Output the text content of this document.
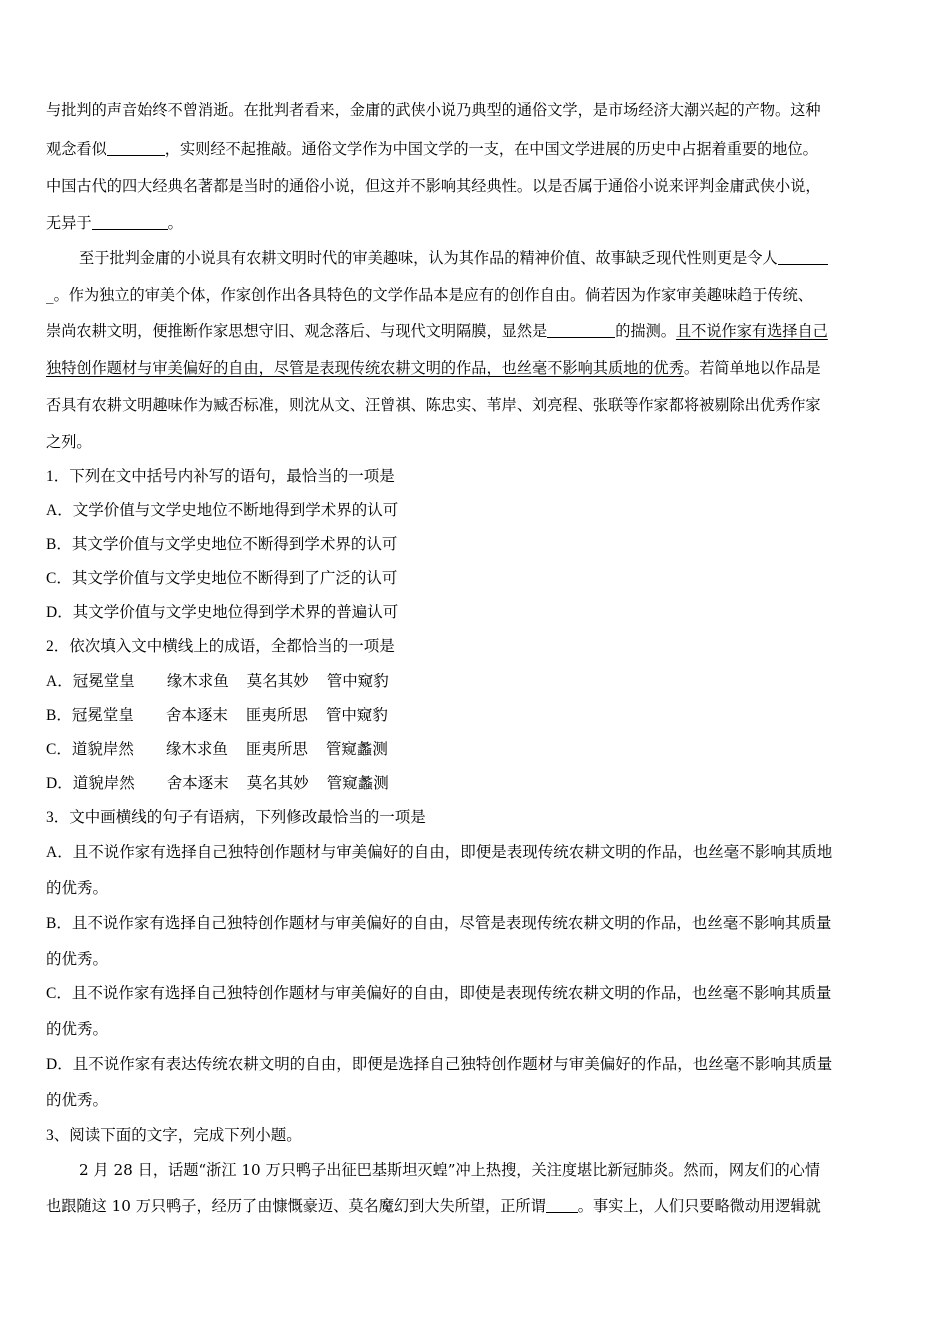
与批判的声音始终不曾消逝。在批判者看来，金庸的武侠小说乃典型的通俗文学，是市场经济大潮兴起的产物。这种
观念看似	，实则经不起推敲。通俗文学作为中国文学的一支，在中国文学进展的历史中占据着重要的地位。
中国古代的四大经典名著都是当时的通俗小说，但这并不影响其经典性。以是否属于通俗小说来评判金庸武侠小说，
无异于	。
至于批判金庸的小说具有农耕文明时代的审美趣味，认为其作品的精神价值、故事缺乏现代性则更是令人
_。作为独立的审美个体，作家创作出各具特色的文学作品本是应有的创作自由。倘若因为作家审美趣味趋于传统、
崇尚农耕文明，便推断作家思想守旧、观念落后、与现代文明隔膜，显然是	的揣测。且不说作家有选择自己
独特创作题材与审美偏好的自由，尽管是表现传统农耕文明的作品，也丝毫不影响其质地的优秀。若简单地以作品是
否具有农耕文明趣味作为臧否标准，则沈从文、汪曾祺、陈忠实、苇岸、刘亮程、张联等作家都将被剔除出优秀作家
之列。
1．下列在文中括号内补写的语句，最恰当的一项是
A．文学价值与文学史地位不断地得到学术界的认可
B．其文学价值与文学史地位不断得到学术界的认可
C．其文学价值与文学史地位不断得到了广泛的认可
D．其文学价值与文学史地位得到学术界的普遍认可
2．依次填入文中横线上的成语，全都恰当的一项是
A．冠冕堂皇 缘木求鱼 莫名其妙 管中窥豹
B．冠冕堂皇 舍本逐末 匪夷所思 管中窥豹
C．道貌岸然 缘木求鱼 匪夷所思 管窥蠡测
D．道貌岸然 舍本逐末 莫名其妙 管窥蠡测
3．文中画横线的句子有语病，下列修改最恰当的一项是
A．且不说作家有选择自己独特创作题材与审美偏好的自由，即便是表现传统农耕文明的作品，也丝毫不影响其质地
的优秀。
B．且不说作家有选择自己独特创作题材与审美偏好的自由，尽管是表现传统农耕文明的作品，也丝毫不影响其质量
的优秀。
C．且不说作家有选择自己独特创作题材与审美偏好的自由，即使是表现传统农耕文明的作品，也丝毫不影响其质量
的优秀。
D．且不说作家有表达传统农耕文明的自由，即便是选择自己独特创作题材与审美偏好的作品，也丝毫不影响其质量
的优秀。
3、阅读下面的文字，完成下列小题。
2 月 28 日，话题“浙江 10 万只鸭子出征巴基斯坦灭蝗”冲上热搜，关注度堪比新冠肺炎。然而，网友们的心情
也跟随这 10 万只鸭子，经历了由慷慨豪迈、莫名魔幻到大失所望，正所谓 。事实上，人们只要略微动用逻辑就
